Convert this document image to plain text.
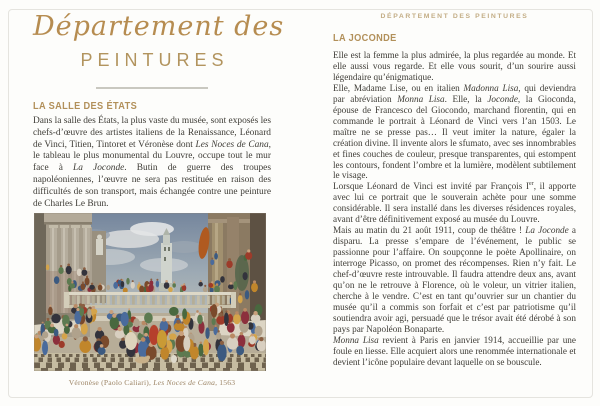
Département des
PEINTURES
LA SALLE DES ÉTATS
Dans la salle des États, la plus vaste du musée, sont exposés les chefs-d’œuvre des artistes italiens de la Renaissance, Léonard de Vinci, Titien, Tintoret et Véronèse dont Les Noces de Cana, le tableau le plus monumental du Louvre, occupe tout le mur face à La Joconde. Butin de guerre des troupes napoléoniennes, l’œuvre ne sera pas restituée en raison des difficultés de son transport, mais échangée contre une peinture de Charles Le Brun.
Véronèse (Paolo Caliari), Les Noces de Cana, 1563
DÉPARTEMENT DES PEINTURES
LA JOCONDE

Elle est la femme la plus admirée, la plus regardée au monde. Et elle aussi vous regarde. Et elle vous sourit, d’un sourire aussi légendaire qu’énigmatique.

Elle, Madame Lise, ou en italien Madonna Lisa, qui deviendra par abréviation Monna Lisa. Elle, la Joconde, la Gioconda, épouse de Francesco del Giocondo, marchand florentin, qui en commande le portrait à Léonard de Vinci vers l’an 1503. Le maître ne se presse pas… Il veut imiter la nature, égaler la création divine. Il invente alors le sfumato, avec ses innombrables et fines couches de couleur, presque transparentes, qui estompent les contours, fondent l’ombre et la lumière, modèlent subtilement le visage.

Lorsque Léonard de Vinci est invité par François Ier, il apporte avec lui ce portrait que le souverain achète pour une somme considérable. Il sera installé dans les diverses résidences royales, avant d’être définitivement exposé au musée du Louvre.

Mais au matin du 21 août 1911, coup de théâtre ! La Joconde a disparu. La presse s’empare de l’événement, le public se passionne pour l’affaire. On soupçonne le poète Apollinaire, on interroge Picasso, on promet des récompenses. Rien n’y fait. Le chef-d’œuvre reste introuvable. Il faudra attendre deux ans, avant qu’on ne le retrouve à Florence, où le voleur, un vitrier italien, cherche à le vendre. C’est en tant qu’ouvrier sur un chantier du musée qu’il a commis son forfait et c’est par patriotisme qu’il soutiendra avoir agi, persuadé que le trésor avait été dérobé à son pays par Napoléon Bonaparte.

Monna Lisa revient à Paris en janvier 1914, accueillie par une foule en liesse. Elle acquiert alors une renommée internationale et devient l’icône populaire devant laquelle on se bouscule.
